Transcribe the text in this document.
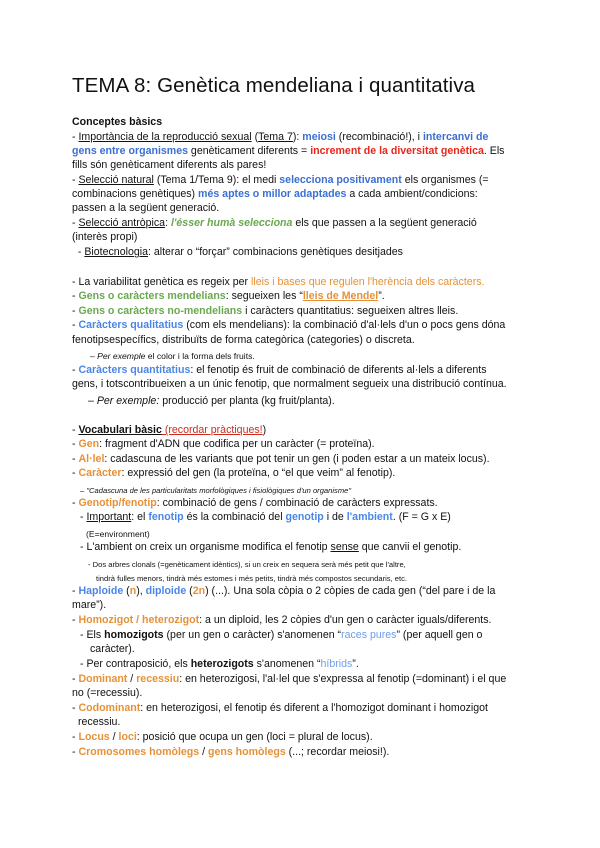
TEMA 8: Genètica mendeliana i quantitativa
Conceptes bàsics
- Importància de la reproducció sexual (Tema 7): meiosi (recombinació!), i intercanvi de
gens entre organismes genèticament diferents = increment de la diversitat genètica. Els
fills són genèticament diferents als pares!
- Selecció natural (Tema 1/Tema 9): el medi selecciona positivament els organismes (=
combinacions genètiques) més aptes o millor adaptades a cada ambient/condicions:
passen a la següent generació.
- Selecció antròpica: l'ésser humà selecciona els que passen a la següent generació
(interès propi)
- Biotecnologia: alterar o “forçar” combinacions genètiques desitjades
- La variabilitat genètica es regeix per lleis i bases que regulen l'herència dels caràcters.
- Gens o caràcters mendelians: segueixen les “lleis de Mendel”.
- Gens o caràcters no-mendelians i caràcters quantitatius: segueixen altres lleis.
- Caràcters qualitatius (com els mendelians): la combinació d'al·lels d'un o pocs gens dóna
fenotipsespecífics, distribuïts de forma categòrica (categories) o discreta.
– Per exemple el color i la forma dels fruits.
- Caràcters quantitatius: el fenotip és fruit de combinació de diferents al·lels a diferents
gens, i totscontribueixen a un únic fenotip, que normalment segueix una distribució contínua.
– Per exemple: producció per planta (kg fruit/planta).
- Vocabulari bàsic (recordar pràctiques!)
- Gen: fragment d'ADN que codifica per un caràcter (= proteïna).
- Al·lel: cadascuna de les variants que pot tenir un gen (i poden estar a un mateix locus).
- Caràcter: expressió del gen (la proteïna, o “el que veim” al fenotip).
– "Cadascuna de les particularitats morfològiques i fisiològiques d'un organisme"
- Genotip/fenotip: combinació de gens / combinació de caràcters expressats.
- Important: el fenotip és la combinació del genotip i de l'ambient. (F = G x E)
(E=environment)
- L'ambient on creix un organisme modifica el fenotip sense que canvii el genotip.
- Dos arbres clonals (=genèticament idèntics), si un creix en sequera serà més petit que l'altre,
tindrà fulles menors, tindrà més estomes i més petits, tindrà més compostos secundaris, etc.
- Haploide (n), diploide (2n) (...). Una sola còpia o 2 còpies de cada gen (“del pare i de la
mare”).
- Homozigot / heterozigot: a un diploid, les 2 còpies d'un gen o caràcter iguals/diferents.
- Els homozigots (per un gen o caràcter) s'anomenen “races pures” (per aquell gen o
caràcter).
- Per contraposició, els heterozigots s'anomenen “híbrids”.
- Dominant / recessiu: en heterozigosi, l'al·lel que s'expressa al fenotip (=dominant) i el que
no (=recessiu).
- Codominant: en heterozigosi, el fenotip és diferent a l'homozigot dominant i homozigot
recessiu.
- Locus / loci: posició que ocupa un gen (loci = plural de locus).
- Cromosomes homòlegs / gens homòlegs (...; recordar meiosi!).
